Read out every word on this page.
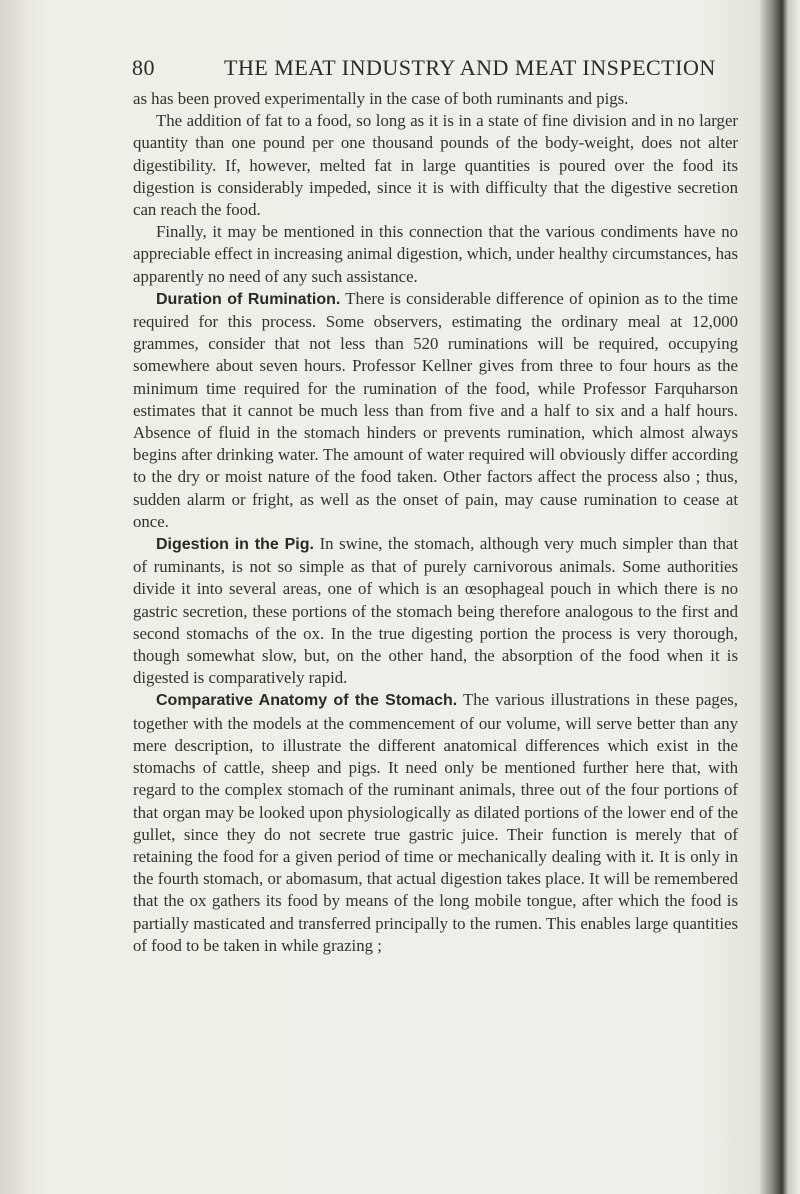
80	THE MEAT INDUSTRY AND MEAT INSPECTION

as has been proved experimentally in the case of both ruminants and pigs.

The addition of fat to a food, so long as it is in a state of fine division and in no larger quantity than one pound per one thousand pounds of the body-weight, does not alter digestibility. If, however, melted fat in large quantities is poured over the food its digestion is considerably impeded, since it is with difficulty that the digestive secretion can reach the food.

Finally, it may be mentioned in this connection that the various condiments have no appreciable effect in increasing animal digestion, which, under healthy circumstances, has apparently no need of any such assistance.

Duration of Rumination. There is considerable difference of opinion as to the time required for this process. Some observers, estimating the ordinary meal at 12,000 grammes, consider that not less than 520 ruminations will be required, occupying somewhere about seven hours. Professor Kellner gives from three to four hours as the minimum time required for the rumination of the food, while Professor Farquharson estimates that it cannot be much less than from five and a half to six and a half hours. Absence of fluid in the stomach hinders or prevents rumination, which almost always begins after drinking water. The amount of water required will obviously differ according to the dry or moist nature of the food taken. Other factors affect the process also ; thus, sudden alarm or fright, as well as the onset of pain, may cause rumination to cease at once.

Digestion in the Pig. In swine, the stomach, although very much simpler than that of ruminants, is not so simple as that of purely carnivorous animals. Some authorities divide it into several areas, one of which is an œsophageal pouch in which there is no gastric secretion, these portions of the stomach being therefore analogous to the first and second stomachs of the ox. In the true digesting portion the process is very thorough, though somewhat slow, but, on the other hand, the absorption of the food when it is digested is comparatively rapid.

Comparative Anatomy of the Stomach. The various illustrations in these pages, together with the models at the commencement of our volume, will serve better than any mere description, to illustrate the different anatomical differences which exist in the stomachs of cattle, sheep and pigs. It need only be mentioned further here that, with regard to the complex stomach of the ruminant animals, three out of the four portions of that organ may be looked upon physiologically as dilated portions of the lower end of the gullet, since they do not secrete true gastric juice. Their function is merely that of retaining the food for a given period of time or mechanically dealing with it. It is only in the fourth stomach, or abomasum, that actual digestion takes place. It will be remembered that the ox gathers its food by means of the long mobile tongue, after which the food is partially masticated and transferred principally to the rumen. This enables large quantities of food to be taken in while grazing ;
